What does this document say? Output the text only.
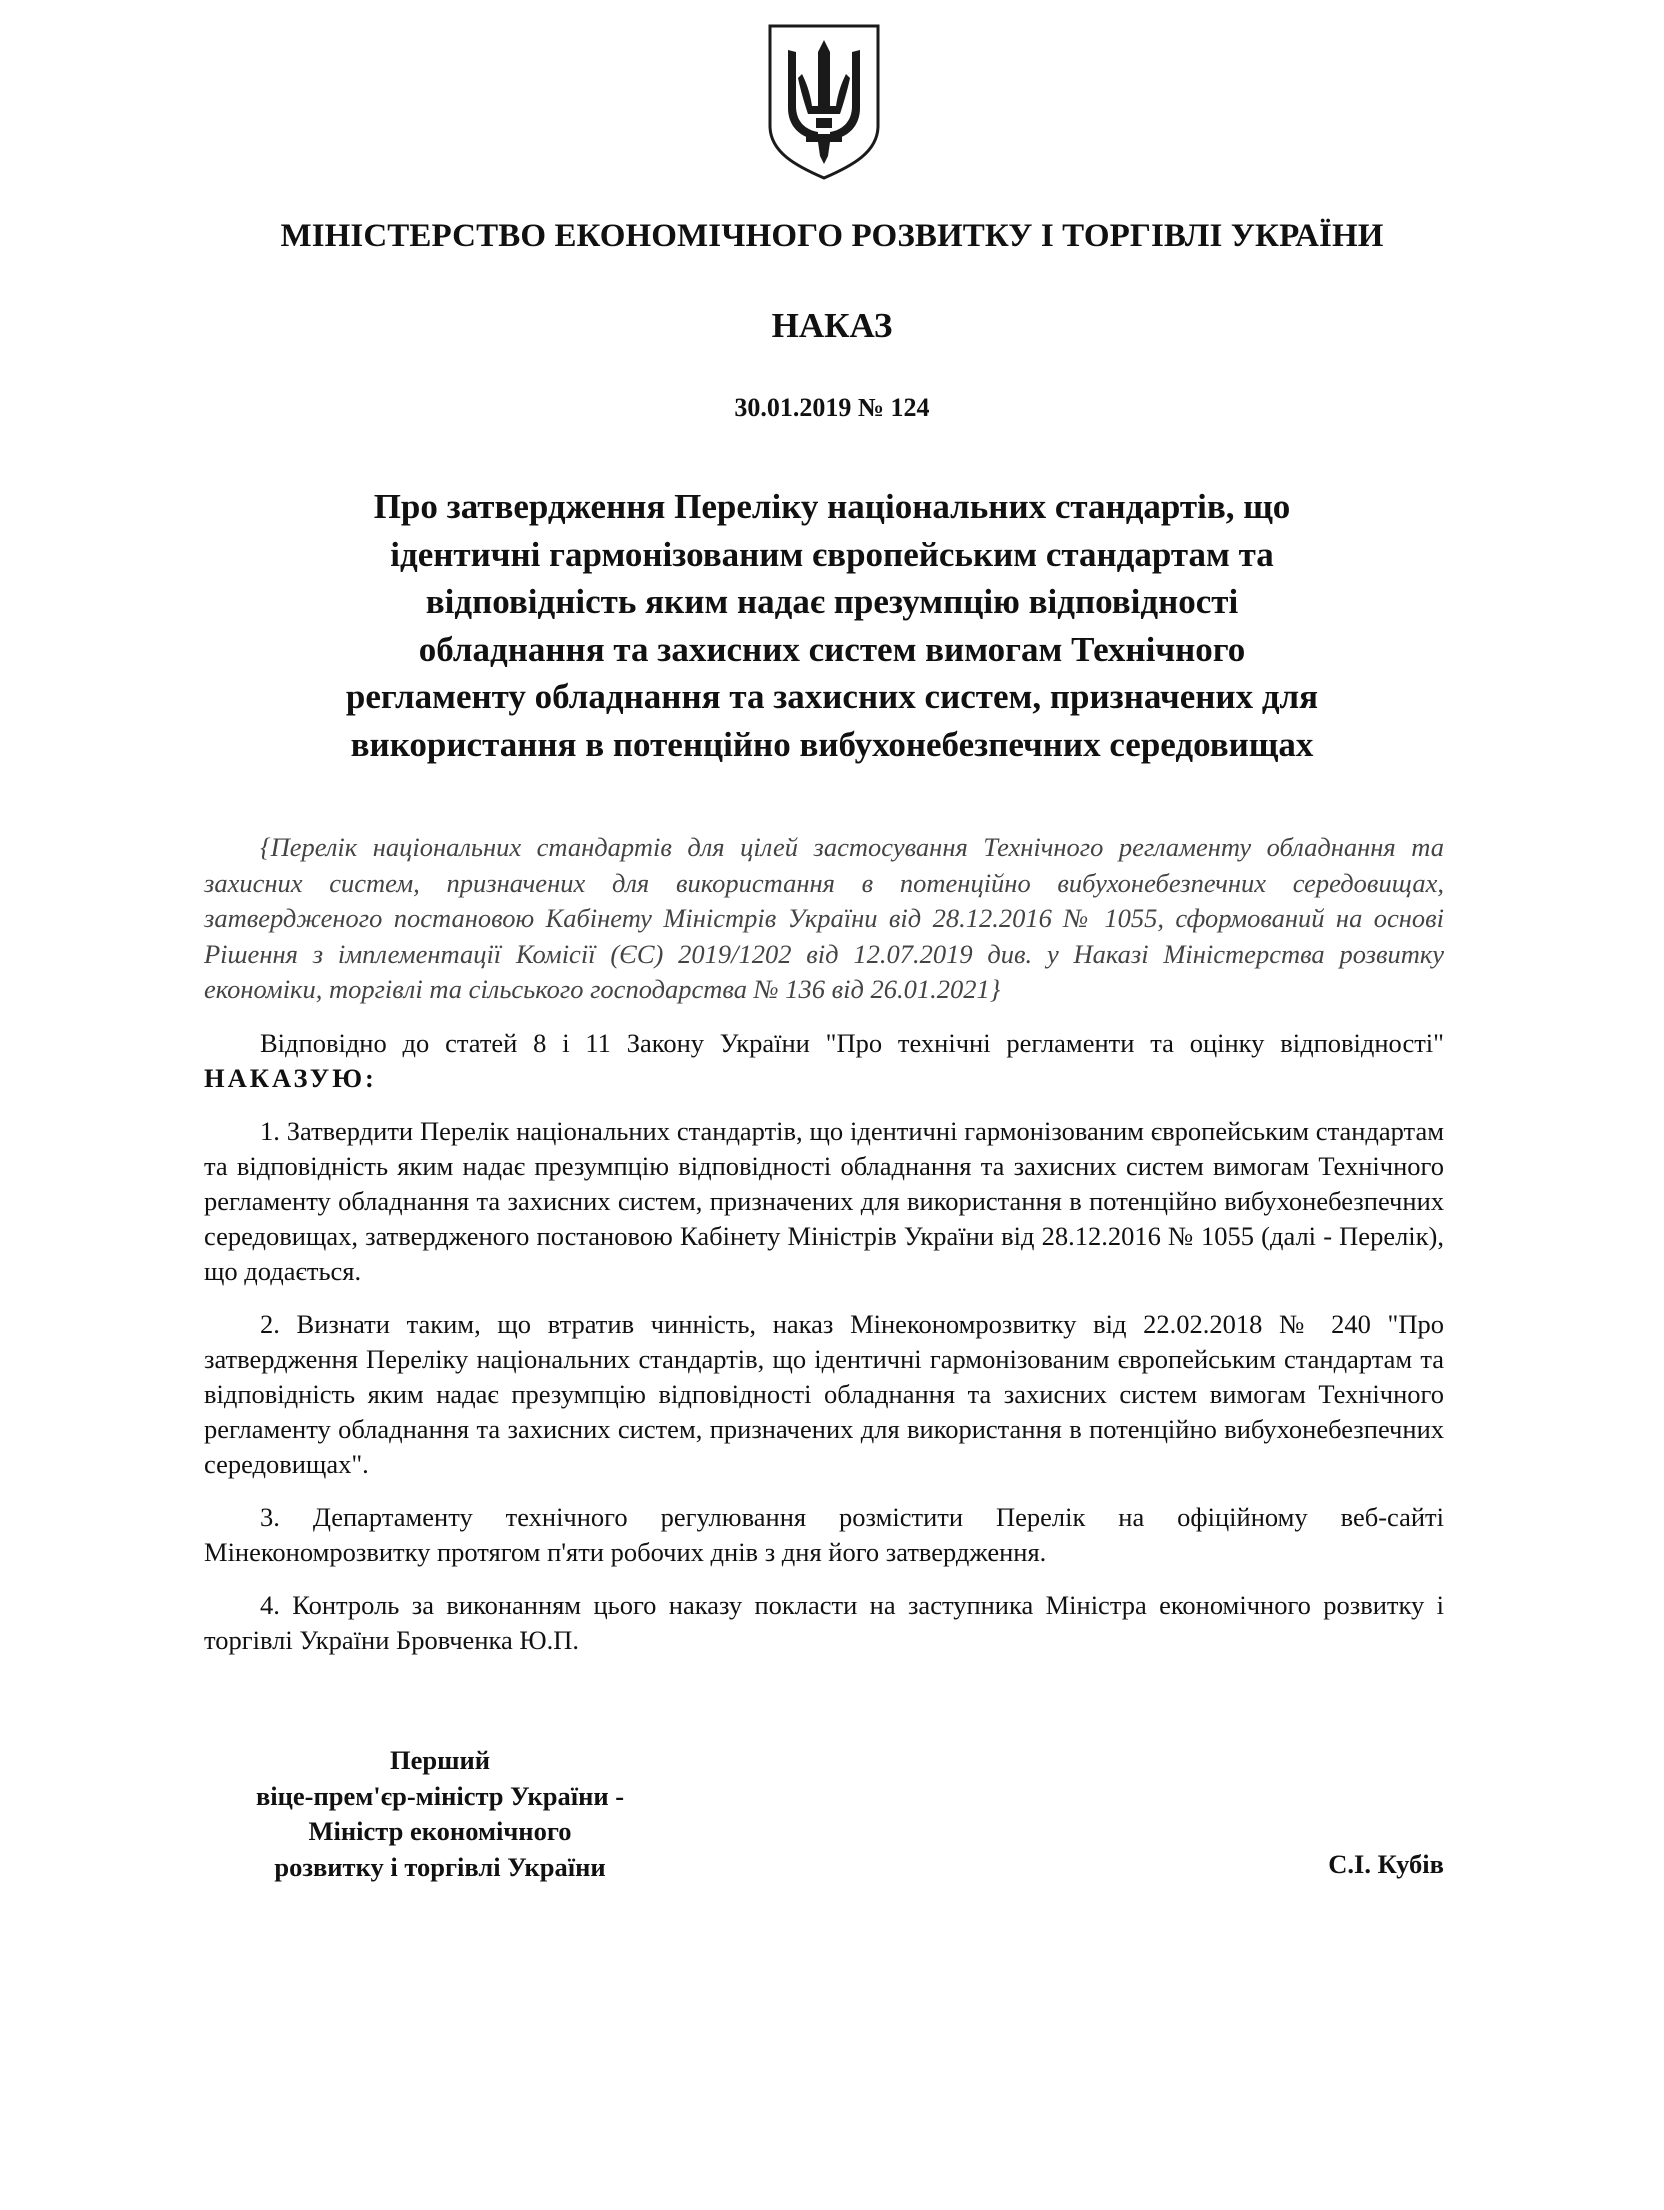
МІНІСТЕРСТВО ЕКОНОМІЧНОГО РОЗВИТКУ І ТОРГІВЛІ УКРАЇНИ
НАКАЗ
30.01.2019 № 124
Про затвердження Переліку національних стандартів, що
ідентичні гармонізованим європейським стандартам та
відповідність яким надає презумпцію відповідності
обладнання та захисних систем вимогам Технічного
регламенту обладнання та захисних систем, призначених для
використання в потенційно вибухонебезпечних середовищах

{Перелік національних стандартів для цілей застосування Технічного регламенту обладнання та захисних систем, призначених для використання в потенційно вибухонебезпечних середовищах, затвердженого постановою Кабінету Міністрів України від 28.12.2016 № 1055, сформований на основі Рішення з імплементації Комісії (ЄС) 2019/1202 від 12.07.2019 див. у Наказі Міністерства розвитку економіки, торгівлі та сільського господарства № 136 від 26.01.2021}

Відповідно до статей 8 і 11 Закону України "Про технічні регламенти та оцінку відповідності" НАКАЗУЮ:

1. Затвердити Перелік національних стандартів, що ідентичні гармонізованим європейським стандартам та відповідність яким надає презумпцію відповідності обладнання та захисних систем вимогам Технічного регламенту обладнання та захисних систем, призначених для використання в потенційно вибухонебезпечних середовищах, затвердженого постановою Кабінету Міністрів України від 28.12.2016 № 1055 (далі - Перелік), що додається.

2. Визнати таким, що втратив чинність, наказ Мінекономрозвитку від 22.02.2018 № 240 "Про затвердження Переліку національних стандартів, що ідентичні гармонізованим європейським стандартам та відповідність яким надає презумпцію відповідності обладнання та захисних систем вимогам Технічного регламенту обладнання та захисних систем, призначених для використання в потенційно вибухонебезпечних середовищах".

3. Департаменту технічного регулювання розмістити Перелік на офіційному веб-сайті Мінекономрозвитку протягом п'яти робочих днів з дня його затвердження.

4. Контроль за виконанням цього наказу покласти на заступника Міністра економічного розвитку і торгівлі України Бровченка Ю.П.

Перший
віце-прем'єр-міністр України -
Міністр економічного
розвитку і торгівлі України	С.І. Кубів
